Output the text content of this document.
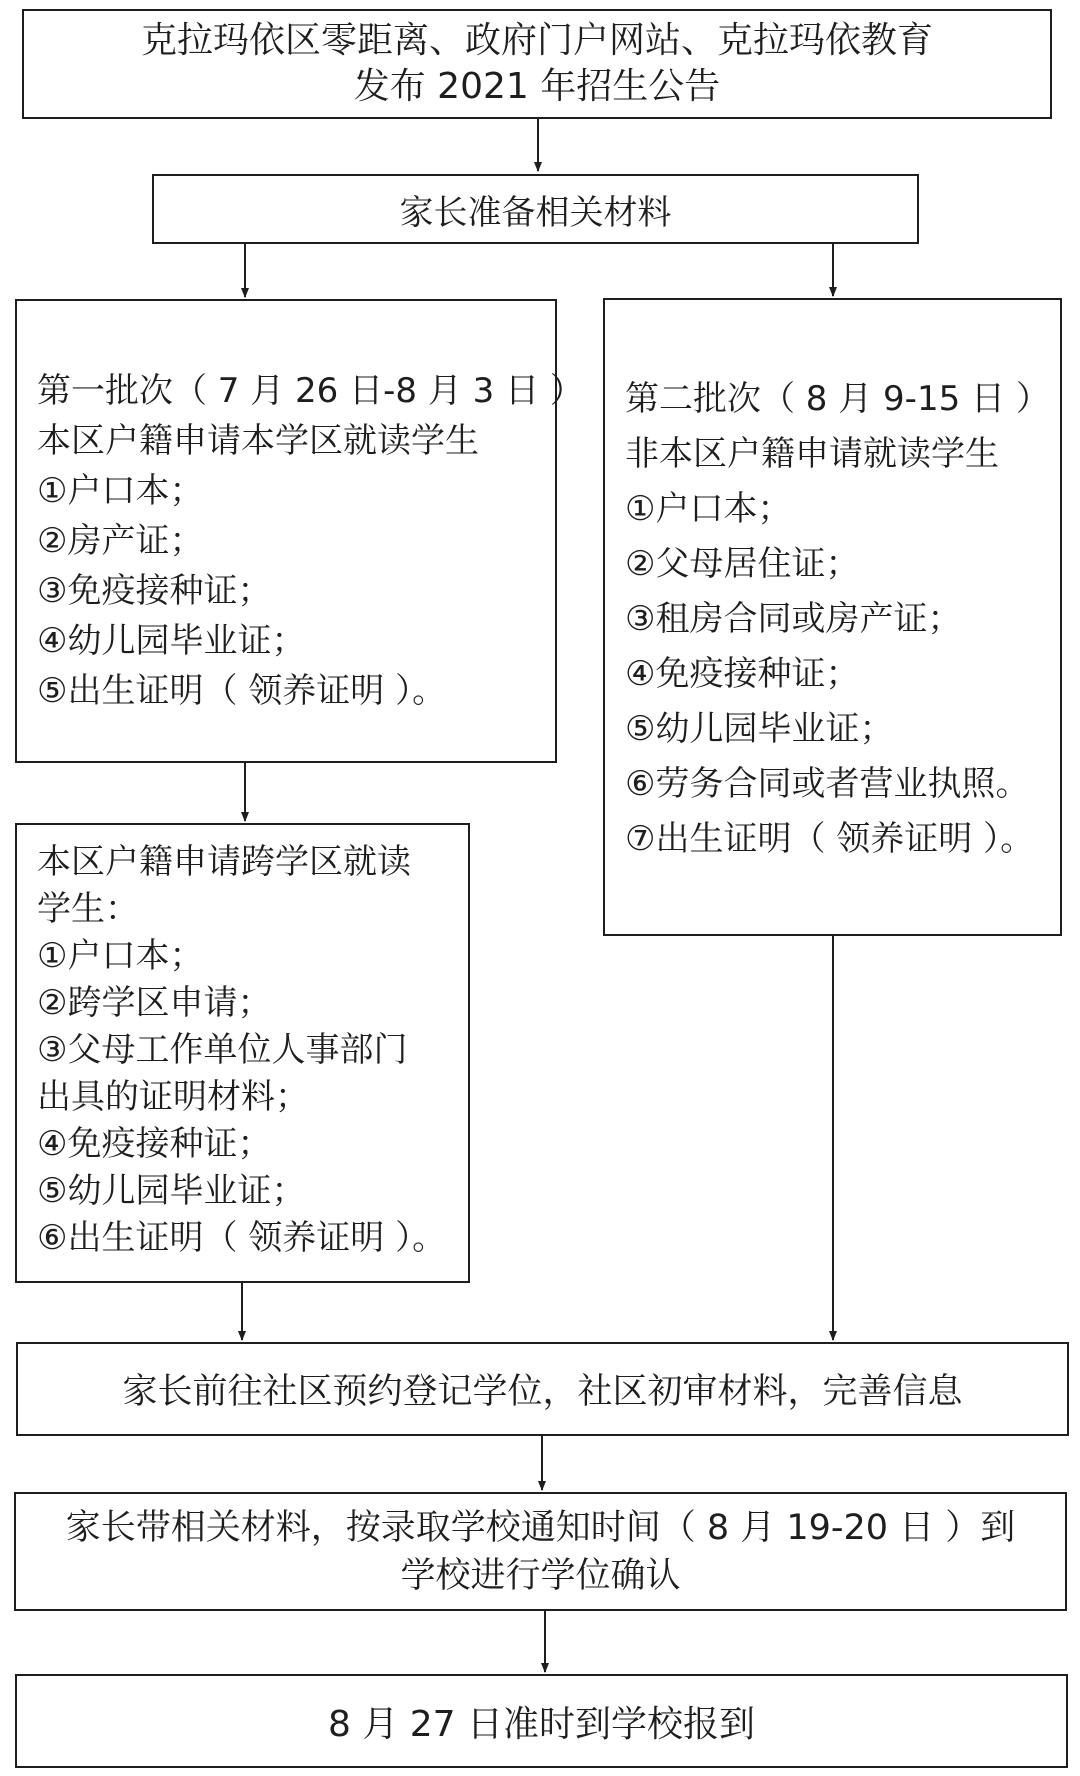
克拉玛依区零距离、政府门户网站、克拉玛依教育
发布 2021 年招生公告
家长准备相关材料
第一批次（ 7 月 26 日-8 月 3 日 ）
本区户籍申请本学区就读学生
①户口本；
②房产证；
③免疫接种证；
④幼儿园毕业证；
⑤出生证明（ 领养证明 ）。
第二批次（ 8 月 9-15 日 ）
非本区户籍申请就读学生
①户口本；
②父母居住证；
③租房合同或房产证；
④免疫接种证；
⑤幼儿园毕业证；
⑥劳务合同或者营业执照。
⑦出生证明（ 领养证明 ）。
本区户籍申请跨学区就读
学生：
①户口本；
②跨学区申请；
③父母工作单位人事部门
出具的证明材料；
④免疫接种证；
⑤幼儿园毕业证；
⑥出生证明（ 领养证明 ）。
家长前往社区预约登记学位，社区初审材料，完善信息
家长带相关材料，按录取学校通知时间（ 8 月 19-20 日 ）到
学校进行学位确认
8 月 27 日准时到学校报到
